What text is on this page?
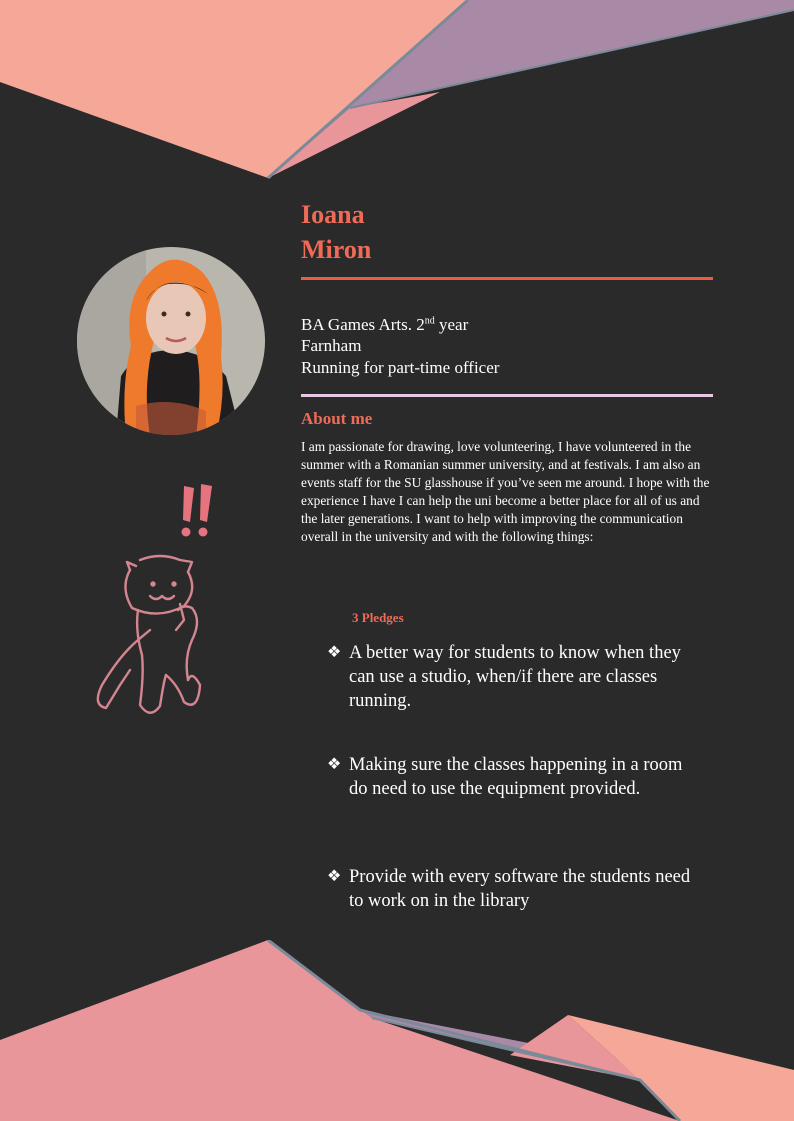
Ioana
Miron
BA Games Arts. 2nd year
Farnham
Running for part-time officer
About me

I am passionate for drawing, love volunteering, I have volunteered in the summer with a Romanian summer university, and at festivals. I am also an events staff for the SU glasshouse if you’ve seen me around. I hope with the experience I have I can help the uni become a better place for all of us and the later generations. I want to help with improving the communication overall in the university and with the following things:

3 Pledges
❖ A better way for students to know when they can use a studio, when/if there are classes running.
❖ Making sure the classes happening in a room do need to use the equipment provided.
❖ Provide with every software the students need to work on in the library
